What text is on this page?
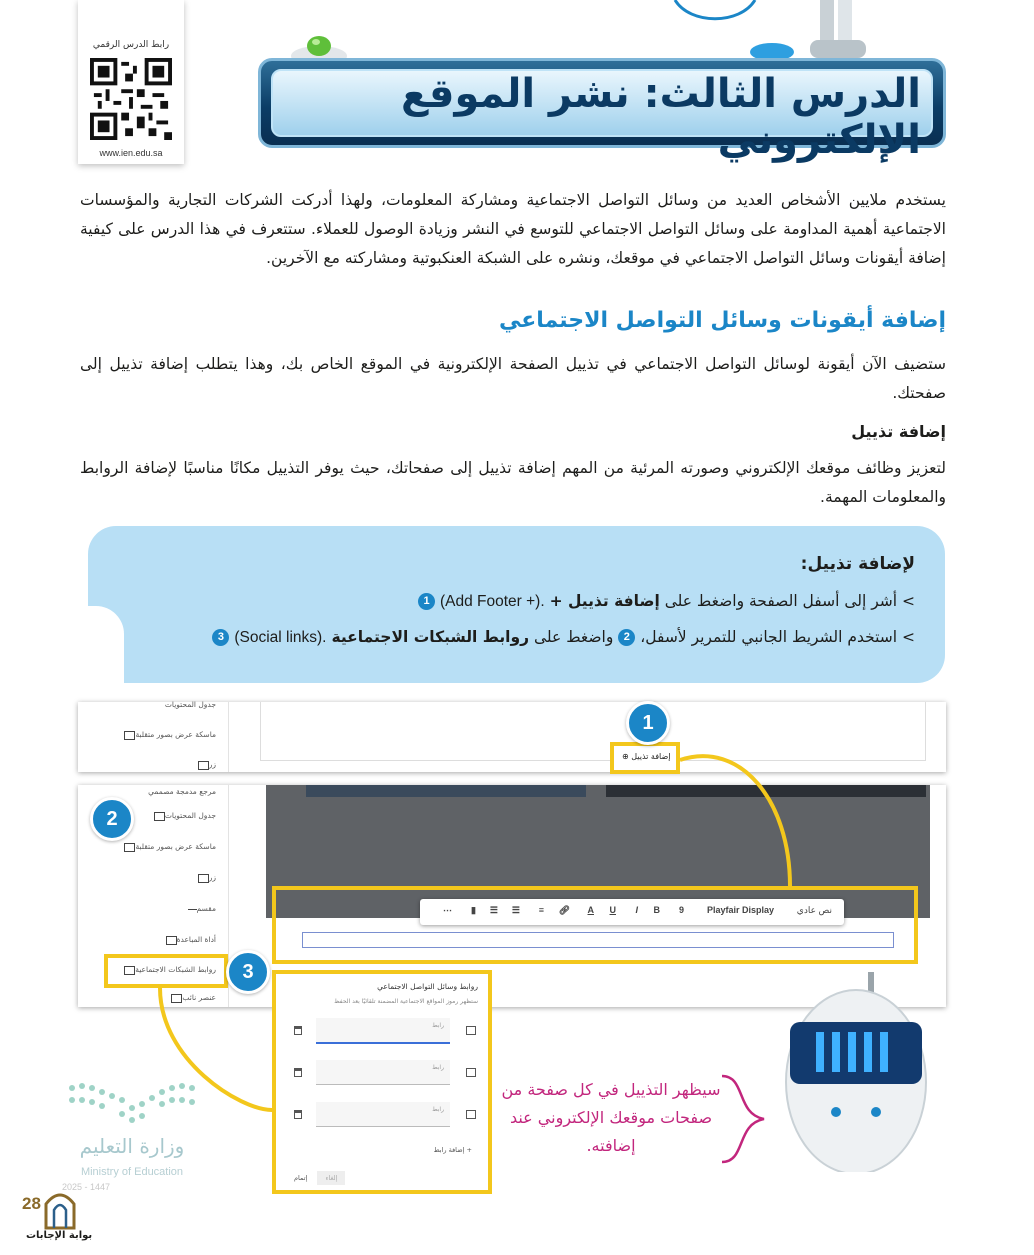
رابط الدرس الرقمي
www.ien.edu.sa
الدرس الثالث: نشر الموقع الإلكتروني
يستخدم ملايين الأشخاص العديد من وسائل التواصل الاجتماعية ومشاركة المعلومات، ولهذا أدركت الشركات التجارية والمؤسسات الاجتماعية أهمية المداومة على وسائل التواصل الاجتماعي للتوسع في النشر وزيادة الوصول للعملاء. ستتعرف في هذا الدرس على كيفية إضافة أيقونات وسائل التواصل الاجتماعي في موقعك، ونشره على الشبكة العنكبوتية ومشاركته مع الآخرين.
إضافة أيقونات وسائل التواصل الاجتماعي
ستضيف الآن أيقونة لوسائل التواصل الاجتماعي في تذييل الصفحة الإلكترونية في الموقع الخاص بك، وهذا يتطلب إضافة تذييل إلى صفحتك.
إضافة تذييل
لتعزيز وظائف موقعك الإلكتروني وصورته المرئية من المهم إضافة تذييل إلى صفحاتك، حيث يوفر التذييل مكانًا مناسبًا لإضافة الروابط والمعلومات المهمة.
لإضافة تذييل:
> أشر إلى أسفل الصفحة واضغط على إضافة تذييل + (Add Footer +). 1
> استخدم الشريط الجانبي للتمرير لأسفل، 2 واضغط على روابط الشبكات الاجتماعية (Social links). 3
جدول المحتويات
ماسكة عرض بصور متقلبة
زر
مرجع مدمجة مصممي
جدول المحتويات
ماسكة عرض بصور متقلبة
زر
مقسم
أداة المباعدة
روابط الشبكات الاجتماعية
عنصر نائب
نص عادي
Playfair Display
9
B
I
U
A
🔗︎
≡
☰
☰
▮
⋯
إضافة تذييل ⊕
1
2
3
روابط وسائل التواصل الاجتماعي
ستظهر رموز المواقع الاجتماعية المضمنة تلقائيًا بعد الحفظ
رابط
رابط
رابط
+ إضافة رابط
إلغاء إتمام
سيظهر التذييل في كل صفحة من صفحات موقعك الإلكتروني عند إضافته.
وزارة التعليم
Ministry of Education
2025 - 1447
28
بوابة الإجابات
